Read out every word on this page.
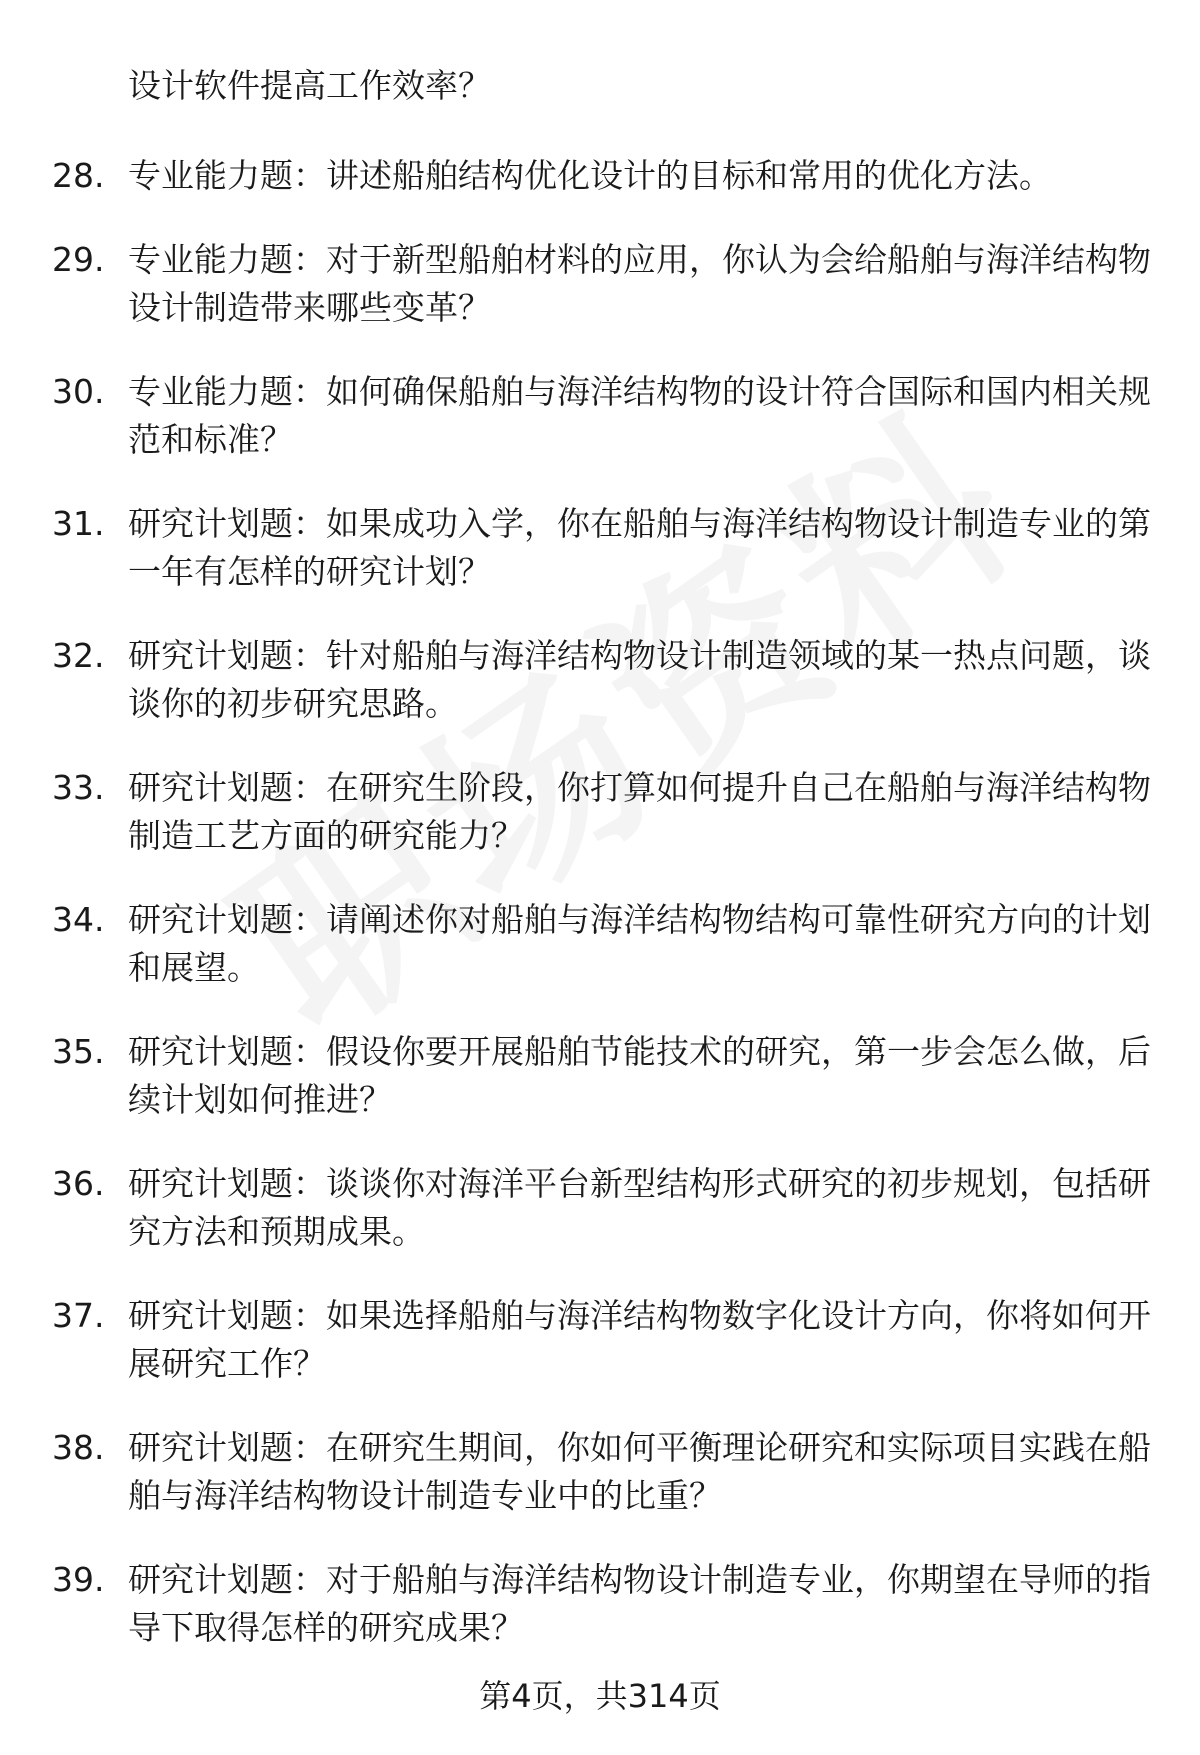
设计软件提高工作效率？
28. 专业能力题：讲述船舶结构优化设计的目标和常用的优化方法。
29. 专业能力题：对于新型船舶材料的应用，你认为会给船舶与海洋结构物设计制造带来哪些变革？
30. 专业能力题：如何确保船舶与海洋结构物的设计符合国际和国内相关规范和标准？
31. 研究计划题：如果成功入学，你在船舶与海洋结构物设计制造专业的第一年有怎样的研究计划？
32. 研究计划题：针对船舶与海洋结构物设计制造领域的某一热点问题，谈谈你的初步研究思路。
33. 研究计划题：在研究生阶段，你打算如何提升自己在船舶与海洋结构物制造工艺方面的研究能力？
34. 研究计划题：请阐述你对船舶与海洋结构物结构可靠性研究方向的计划和展望。
35. 研究计划题：假设你要开展船舶节能技术的研究，第一步会怎么做，后续计划如何推进？
36. 研究计划题：谈谈你对海洋平台新型结构形式研究的初步规划，包括研究方法和预期成果。
37. 研究计划题：如果选择船舶与海洋结构物数字化设计方向，你将如何开展研究工作？
38. 研究计划题：在研究生期间，你如何平衡理论研究和实际项目实践在船舶与海洋结构物设计制造专业中的比重？
39. 研究计划题：对于船舶与海洋结构物设计制造专业，你期望在导师的指导下取得怎样的研究成果？
第4页，共314页
